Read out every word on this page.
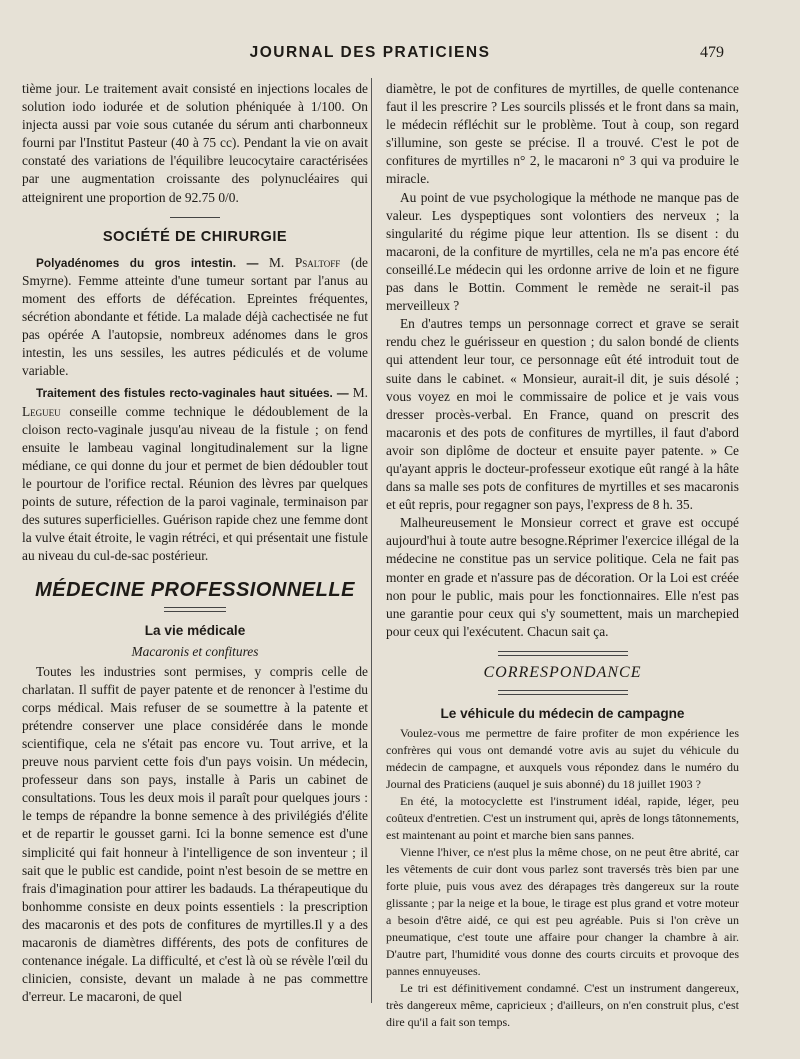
JOURNAL DES PRATICIENS	479

tième jour. Le traitement avait consisté en injections locales de solution iodo iodurée et de solution phéniquée à 1/100. On injecta aussi par voie sous cutanée du sérum anti charbonneux fourni par l'Institut Pasteur (40 à 75 cc). Pendant la vie on avait constaté des variations de l'équilibre leucocytaire caractérisées par une augmentation croissante des polynucléaires qui atteignirent une proportion de 92.75 0/0.

SOCIÉTÉ DE CHIRURGIE

Polyadénomes du gros intestin. — M. Psaltoff (de Smyrne). Femme atteinte d'une tumeur sortant par l'anus au moment des efforts de défécation. Epreintes fréquentes, sécrétion abondante et fétide. La malade déjà cachectisée ne fut pas opérée A l'autopsie, nombreux adénomes dans le gros intestin, les uns sessiles, les autres pédiculés et de volume variable.

Traitement des fistules recto-vaginales haut situées. — M. Legueu conseille comme technique le dédoublement de la cloison recto-vaginale jusqu'au niveau de la fistule ; on fend ensuite le lambeau vaginal longitudinalement sur la ligne médiane, ce qui donne du jour et permet de bien dédoubler tout le pourtour de l'orifice rectal. Réunion des lèvres par quelques points de suture, réfection de la paroi vaginale, terminaison par des sutures superficielles. Guérison rapide chez une femme dont la vulve était étroite, le vagin rétréci, et qui présentait une fistule au niveau du cul-de-sac postérieur.

MÉDECINE PROFESSIONNELLE
La vie médicale
Macaronis et confitures

Toutes les industries sont permises, y compris celle de charlatan. Il suffit de payer patente et de renoncer à l'estime du corps médical. Mais refuser de se soumettre à la patente et prétendre conserver une place considérée dans le monde scientifique, cela ne s'était pas encore vu. Tout arrive, et la preuve nous parvient cette fois d'un pays voisin. Un médecin, professeur dans son pays, installe à Paris un cabinet de consultations. Tous les deux mois il paraît pour quelques jours : le temps de répandre la bonne semence à des privilégiés d'élite et de repartir le gousset garni. Ici la bonne semence est d'une simplicité qui fait honneur à l'intelligence de son inventeur ; il sait que le public est candide, point n'est besoin de se mettre en frais d'imagination pour attirer les badauds. La thérapeutique du bonhomme consiste en deux points essentiels : la prescription des macaronis et des pots de confitures de myrtilles.Il y a des macaronis de diamètres différents, des pots de confitures de contenance inégale. La difficulté, et c'est là où se révèle l'œil du clinicien, consiste, devant un malade à ne pas commettre d'erreur. Le macaroni, de quel

diamètre, le pot de confitures de myrtilles, de quelle contenance faut il les prescrire ? Les sourcils plissés et le front dans sa main, le médecin réfléchit sur le problème. Tout à coup, son regard s'illumine, son geste se précise. Il a trouvé. C'est le pot de confitures de myrtilles n° 2, le macaroni n° 3 qui va produire le miracle.

Au point de vue psychologique la méthode ne manque pas de valeur. Les dyspeptiques sont volontiers des nerveux ; la singularité du régime pique leur attention. Ils se disent : du macaroni, de la confiture de myrtilles, cela ne m'a pas encore été conseillé.Le médecin qui les ordonne arrive de loin et ne figure pas dans le Bottin. Comment le remède ne serait-il pas merveilleux ?

En d'autres temps un personnage correct et grave se serait rendu chez le guérisseur en question ; du salon bondé de clients qui attendent leur tour, ce personnage eût été introduit tout de suite dans le cabinet. « Monsieur, aurait-il dit, je suis désolé ; vous voyez en moi le commissaire de police et je vais vous dresser procès-verbal. En France, quand on prescrit des macaronis et des pots de confitures de myrtilles, il faut d'abord avoir son diplôme de docteur et ensuite payer patente. » Ce qu'ayant appris le docteur-professeur exotique eût rangé à la hâte dans sa malle ses pots de confitures de myrtilles et ses macaronis et eût repris, pour regagner son pays, l'express de 8 h. 35.

Malheureusement le Monsieur correct et grave est occupé aujourd'hui à toute autre besogne.Réprimer l'exercice illégal de la médecine ne constitue pas un service politique. Cela ne fait pas monter en grade et n'assure pas de décoration. Or la Loi est créée non pour le public, mais pour les fonctionnaires. Elle n'est pas une garantie pour ceux qui s'y soumettent, mais un marchepied pour ceux qui l'exécutent. Chacun sait ça.

CORRESPONDANCE
Le véhicule du médecin de campagne

Voulez-vous me permettre de faire profiter de mon expérience les confrères qui vous ont demandé votre avis au sujet du véhicule du médecin de campagne, et auxquels vous répondez dans le numéro du Journal des Praticiens (auquel je suis abonné) du 18 juillet 1903 ?

En été, la motocyclette est l'instrument idéal, rapide, léger, peu coûteux d'entretien. C'est un instrument qui, après de longs tâtonnements, est maintenant au point et marche bien sans pannes.

Vienne l'hiver, ce n'est plus la même chose, on ne peut être abrité, car les vêtements de cuir dont vous parlez sont traversés très bien par une forte pluie, puis vous avez des dérapages très dangereux sur la route glissante ; par la neige et la boue, le tirage est plus grand et votre moteur a besoin d'être aidé, ce qui est peu agréable. Puis si l'on crève un pneumatique, c'est toute une affaire pour changer la chambre à air. D'autre part, l'humidité vous donne des courts circuits et provoque des pannes ennuyeuses.

Le tri est définitivement condamné. C'est un instrument dangereux, très dangereux même, capricieux ; d'ailleurs, on n'en construit plus, c'est dire qu'il a fait son temps.
